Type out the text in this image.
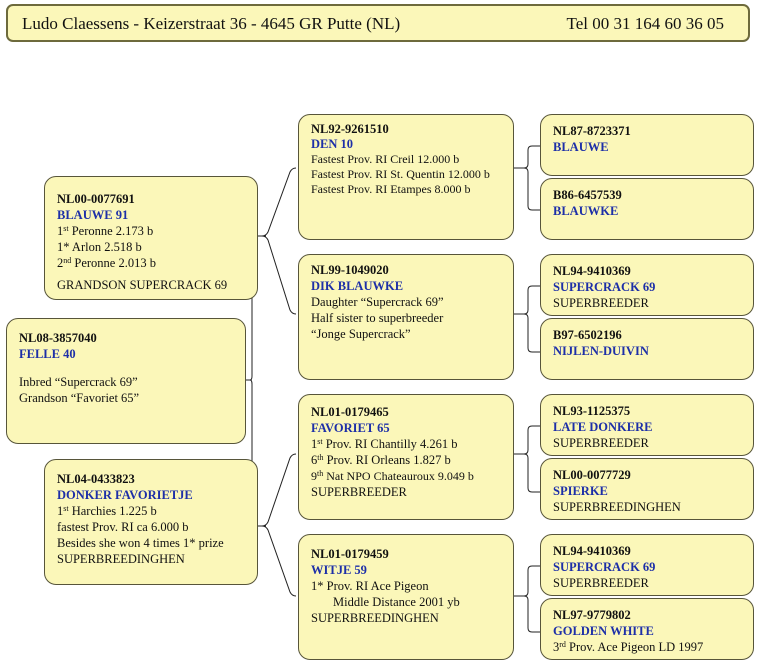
Ludo Claessens - Keizerstraat 36 - 4645 GR Putte (NL)	Tel 00 31 164 60 36 05
NL08-3857040
FELLE 40
Inbred “Supercrack 69”
Grandson “Favoriet 65”
NL00-0077691
BLAUWE 91
1st Peronne 2.173 b
1* Arlon 2.518 b
2nd Peronne 2.013 b
GRANDSON SUPERCRACK 69
NL04-0433823
DONKER FAVORIETJE
1st Harchies 1.225 b
fastest Prov. RI ca 6.000 b
Besides she won 4 times 1* prize
SUPERBREEDINGHEN
NL92-9261510
DEN 10
Fastest Prov. RI Creil 12.000 b
Fastest Prov. RI St. Quentin 12.000 b
Fastest Prov. RI Etampes 8.000 b
NL99-1049020
DIK BLAUWKE
Daughter “Supercrack 69”
Half sister to superbreeder
“Jonge Supercrack”
NL01-0179465
FAVORIET 65
1st Prov. RI Chantilly 4.261 b
6th Prov. RI Orleans 1.827 b
9th Nat NPO Chateauroux 9.049 b
SUPERBREEDER
NL01-0179459
WITJE 59
1* Prov. RI Ace Pigeon
Middle Distance 2001 yb
SUPERBREEDINGHEN
NL87-8723371
BLAUWE
B86-6457539
BLAUWKE
NL94-9410369
SUPERCRACK 69
SUPERBREEDER
B97-6502196
NIJLEN-DUIVIN
NL93-1125375
LATE DONKERE
SUPERBREEDER
NL00-0077729
SPIERKE
SUPERBREEDINGHEN
NL94-9410369
SUPERCRACK 69
SUPERBREEDER
NL97-9779802
GOLDEN WHITE
3rd Prov. Ace Pigeon LD 1997
